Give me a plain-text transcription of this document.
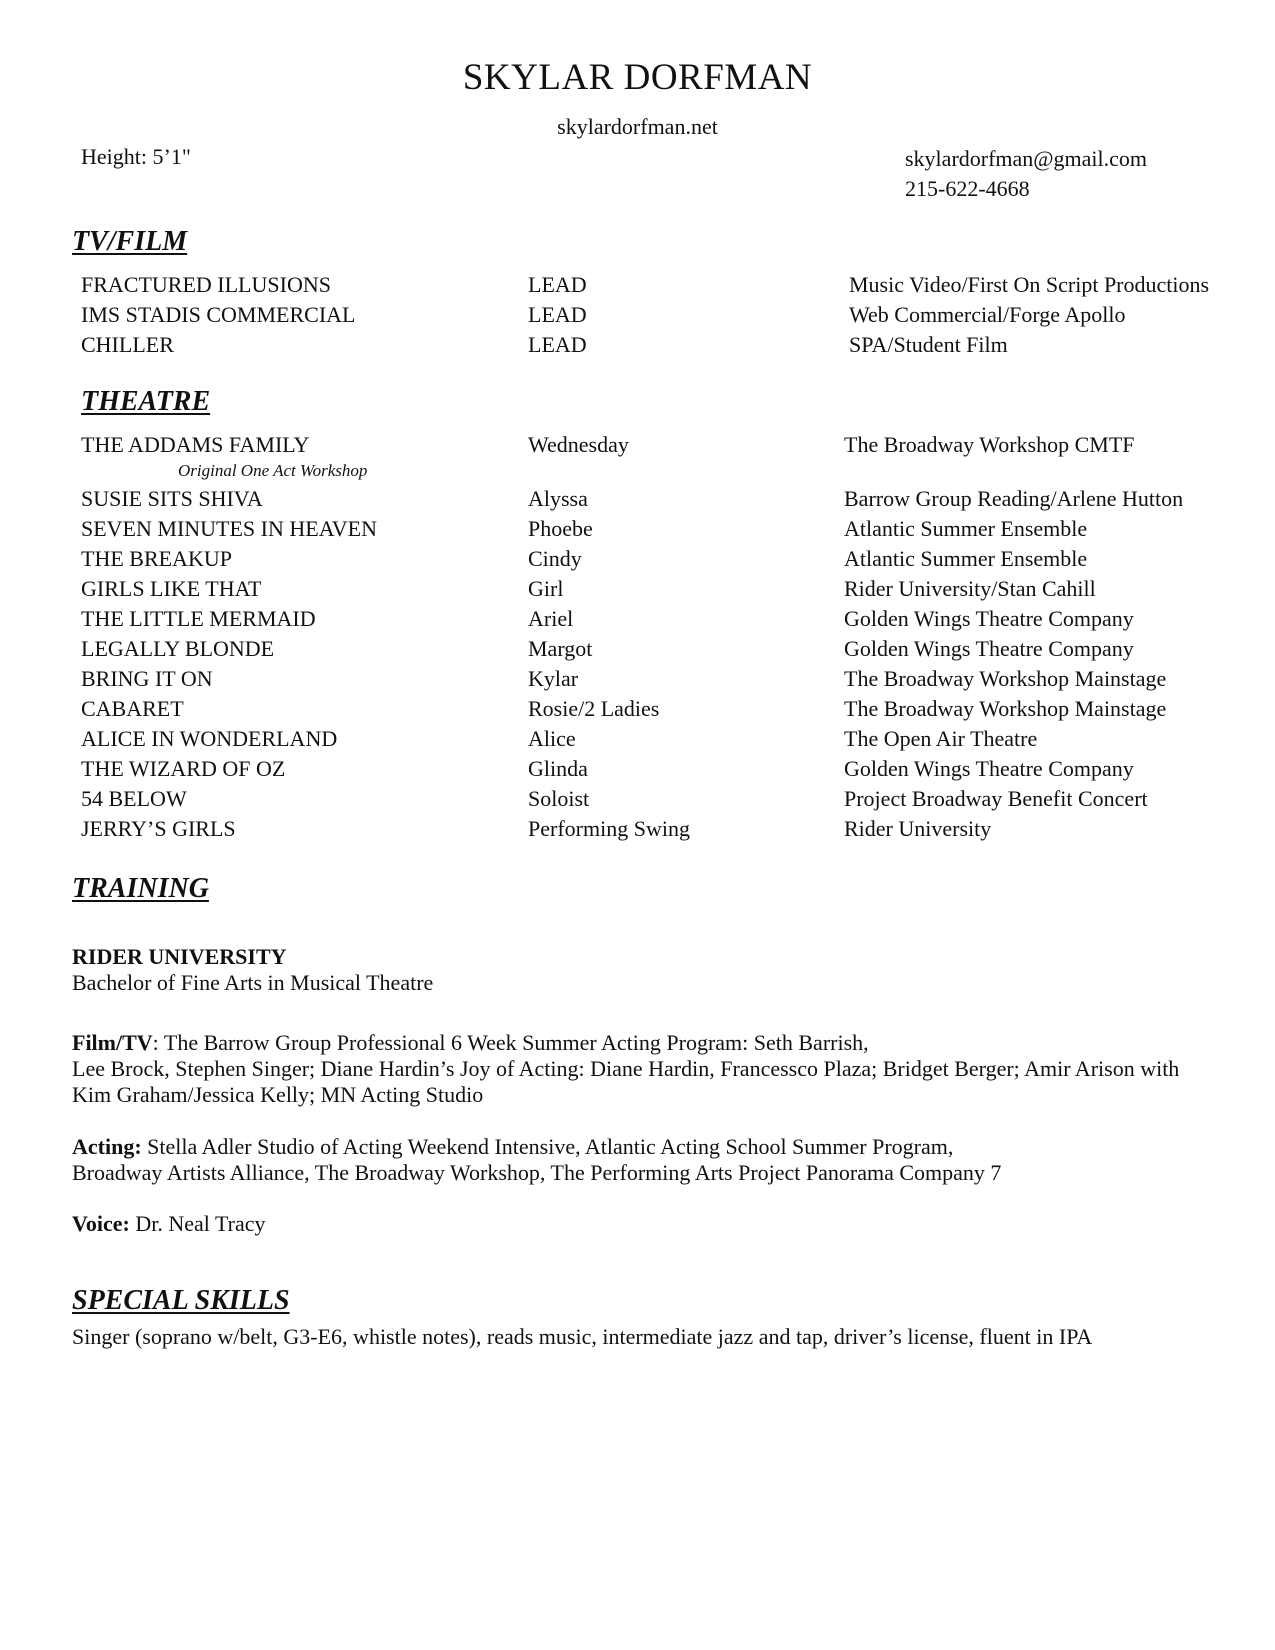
SKYLAR DORFMAN
skylardorfman.net
Height: 5’1"	skylardorfman@gmail.com
215-622-4668
TV/FILM
FRACTURED ILLUSIONS	LEAD	Music Video/First On Script Productions
IMS STADIS COMMERCIAL	LEAD	Web Commercial/Forge Apollo
CHILLER	LEAD	SPA/Student Film
THEATRE
THE ADDAMS FAMILY	Wednesday	The Broadway Workshop CMTF
Original One Act Workshop
SUSIE SITS SHIVA	Alyssa	Barrow Group Reading/Arlene Hutton
SEVEN MINUTES IN HEAVEN	Phoebe	Atlantic Summer Ensemble
THE BREAKUP	Cindy	Atlantic Summer Ensemble
GIRLS LIKE THAT	Girl	Rider University/Stan Cahill
THE LITTLE MERMAID	Ariel	Golden Wings Theatre Company
LEGALLY BLONDE	Margot	Golden Wings Theatre Company
BRING IT ON	Kylar	The Broadway Workshop Mainstage
CABARET	Rosie/2 Ladies	The Broadway Workshop Mainstage
ALICE IN WONDERLAND	Alice	The Open Air Theatre
THE WIZARD OF OZ	Glinda	Golden Wings Theatre Company
54 BELOW	Soloist	Project Broadway Benefit Concert
JERRY’S GIRLS	Performing Swing	Rider University
TRAINING
RIDER UNIVERSITY
Bachelor of Fine Arts in Musical Theatre
Film/TV: The Barrow Group Professional 6 Week Summer Acting Program: Seth Barrish,
Lee Brock, Stephen Singer; Diane Hardin’s Joy of Acting: Diane Hardin, Francessco Plaza; Bridget Berger; Amir Arison with
Kim Graham/Jessica Kelly; MN Acting Studio
Acting: Stella Adler Studio of Acting Weekend Intensive, Atlantic Acting School Summer Program,
Broadway Artists Alliance, The Broadway Workshop, The Performing Arts Project Panorama Company 7
Voice: Dr. Neal Tracy
SPECIAL SKILLS
Singer (soprano w/belt, G3-E6, whistle notes), reads music, intermediate jazz and tap, driver’s license, fluent in IPA
